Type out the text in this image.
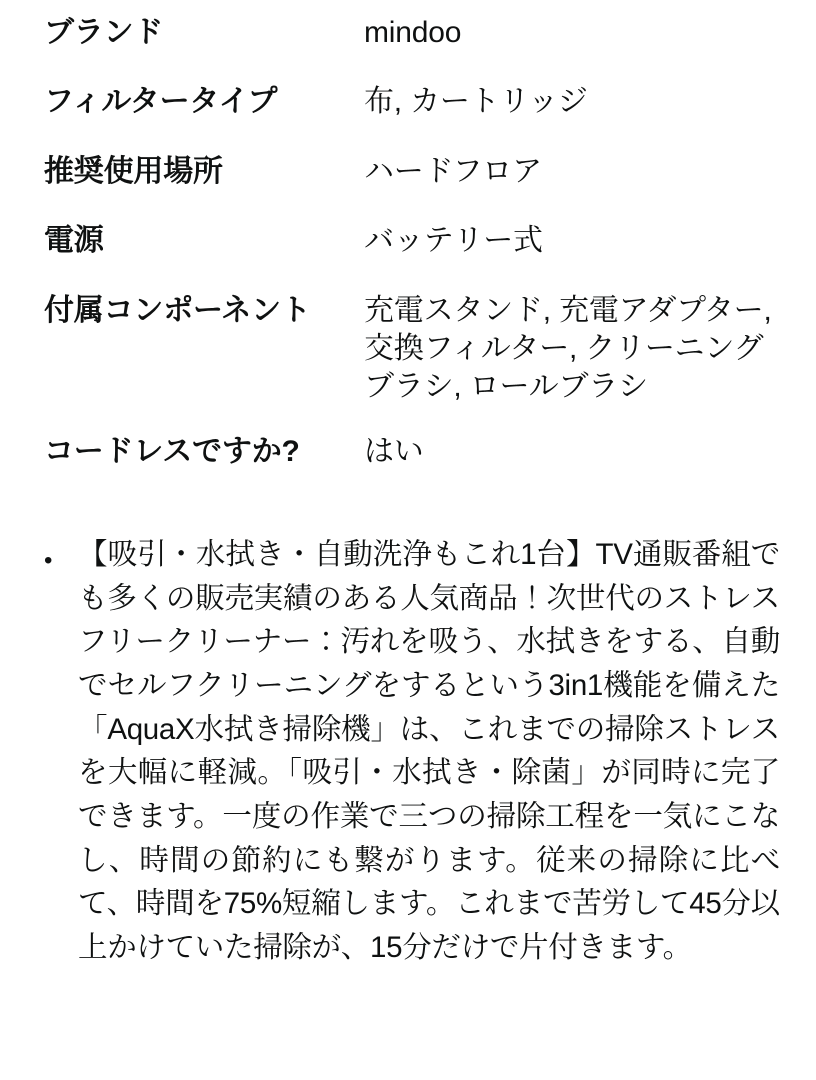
ブランド	mindoo
フィルタータイプ	布, カートリッジ
推奨使用場所	ハードフロア
電源	バッテリー式
付属コンポーネント	充電スタンド, 充電アダプター, 交換フィルター, クリーニングブラシ, ロールブラシ
コードレスですか?	はい
• 【吸引・水拭き・自動洗浄もこれ1台】TV通販番組でも多くの販売実績のある人気商品！次世代のストレスフリークリーナー：汚れを吸う、水拭きをする、自動でセルフクリーニングをするという3in1機能を備えた「AquaX水拭き掃除機」は、これまでの掃除ストレスを大幅に軽減。「吸引・水拭き・除菌」が同時に完了できます。一度の作業で三つの掃除工程を一気にこなし、時間の節約にも繋がります。従来の掃除に比べて、時間を75%短縮します。これまで苦労して45分以上かけていた掃除が、15分だけで片付きます。
